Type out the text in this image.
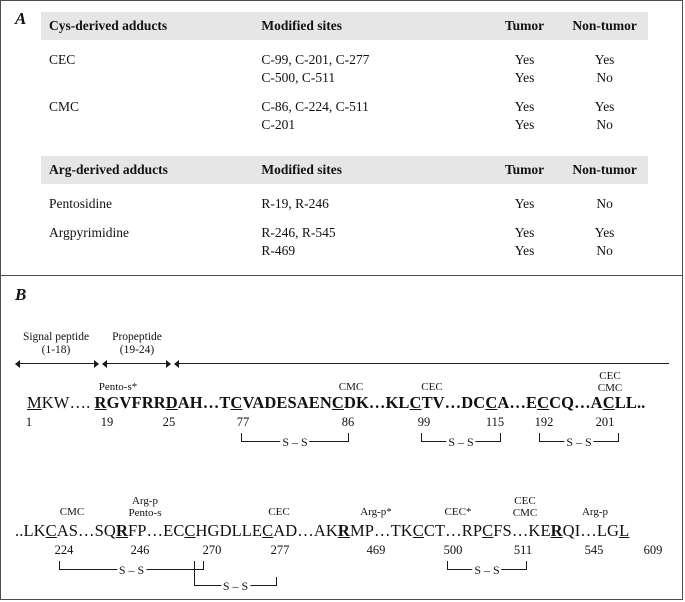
A Cys-derived adducts	Modified sites	Tumor	Non-tumor

CEC	C-99, C-201, C-277	Yes	Yes
	C-500, C-511	Yes	No

CMC	C-86, C-224, C-511	Yes	Yes
	C-201	Yes	No
Arg-derived adducts	Modified sites	Tumor	Non-tumor

Pentosidine	R-19, R-246	Yes	No

Argpyrimidine	R-246, R-545	Yes	Yes
	R-469	Yes	No
B
Signal peptide
(1-18)
Propeptide
(19-24)
Pento-s*	CMC	CEC
CEC
CMC
MKW…. RGVFRRDAH…TCVADESAENCDK…KLCTV…DCCA…ECCQ…ACLL..
1	19	25	77	86	99	115	192	201
S – S	S – S	S – S
CMC
Arg-p
Pento-s	CEC	Arg-p*	CEC*
CEC
CMC	Arg-p
..LKCAS…SQRFP…ECCHGDLLECAD…AKRMP…TKCCT…RPCFS…KERQI…LGL
224	246	270	277	469	500	511	545	609
S – S
S – S
S – S
